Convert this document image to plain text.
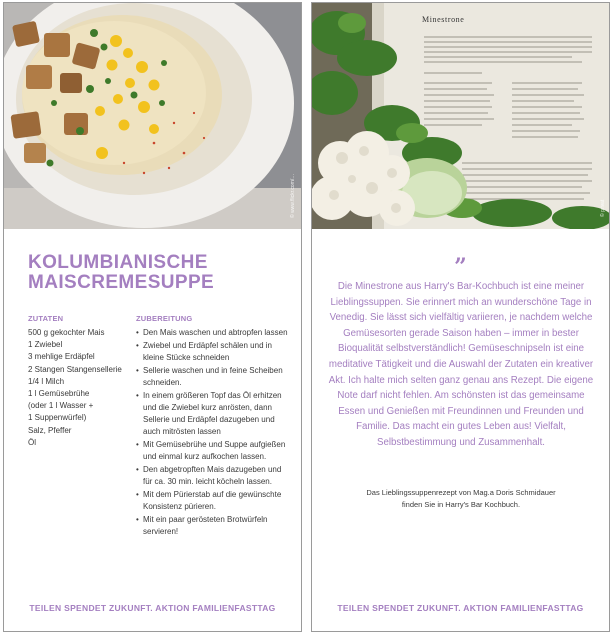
© www.flickr.com/…
KOLUMBIANISCHE
MAISCREMESUPPE
ZUTATEN
500 g gekochter Mais
1 Zwiebel
3 mehlige Erdäpfel
2 Stangen Stangensellerie
1/4 l Milch
1 l Gemüsebrühe
(oder 1 l Wasser +
1 Suppenwürfel)
Salz, Pfeffer
Öl
ZUBEREITUNG
• Den Mais waschen und abtropfen lassen
• Zwiebel und Erdäpfel schälen und in kleine Stücke schneiden
• Sellerie waschen und in feine Scheiben schneiden.
• In einem größeren Topf das Öl erhitzen und die Zwiebel kurz anrösten, dann Sellerie und Erdäpfel dazugeben und auch mitrösten lassen
• Mit Gemüsebrühe und Suppe aufgießen und einmal kurz aufkochen lassen.
• Den abgetropften Mais dazugeben und für ca. 30 min. leicht köcheln lassen.
• Mit dem Pürierstab auf die gewünschte Konsistenz pürieren.
• Mit ein paar gerösteten Brotwürfeln servieren!
TEILEN SPENDET ZUKUNFT. AKTION FAMILIENFASTTAG
Minestrone
© privat
”

Die Minestrone aus Harry's Bar-Kochbuch ist eine meiner Lieblingssuppen. Sie erinnert mich an wunderschöne Tage in Venedig. Sie lässt sich vielfältig variieren, je nachdem welche Gemüsesorten gerade Saison haben – immer in bester Bioqualität selbstverständlich! Gemüseschnipseln ist eine meditative Tätigkeit und die Auswahl der Zutaten ein kreativer Akt. Ich halte mich selten ganz genau ans Rezept. Die eigene Note darf nicht fehlen. Am schönsten ist das gemeinsame Essen und Genießen mit Freundinnen und Freunden und Familie. Das macht ein gutes Leben aus! Vielfalt, Selbstbestimmung und Zusammenhalt.

Das Lieblingssuppenrezept von Mag.a Doris Schmidauer
finden Sie in Harry's Bar Kochbuch.
TEILEN SPENDET ZUKUNFT. AKTION FAMILIENFASTTAG
